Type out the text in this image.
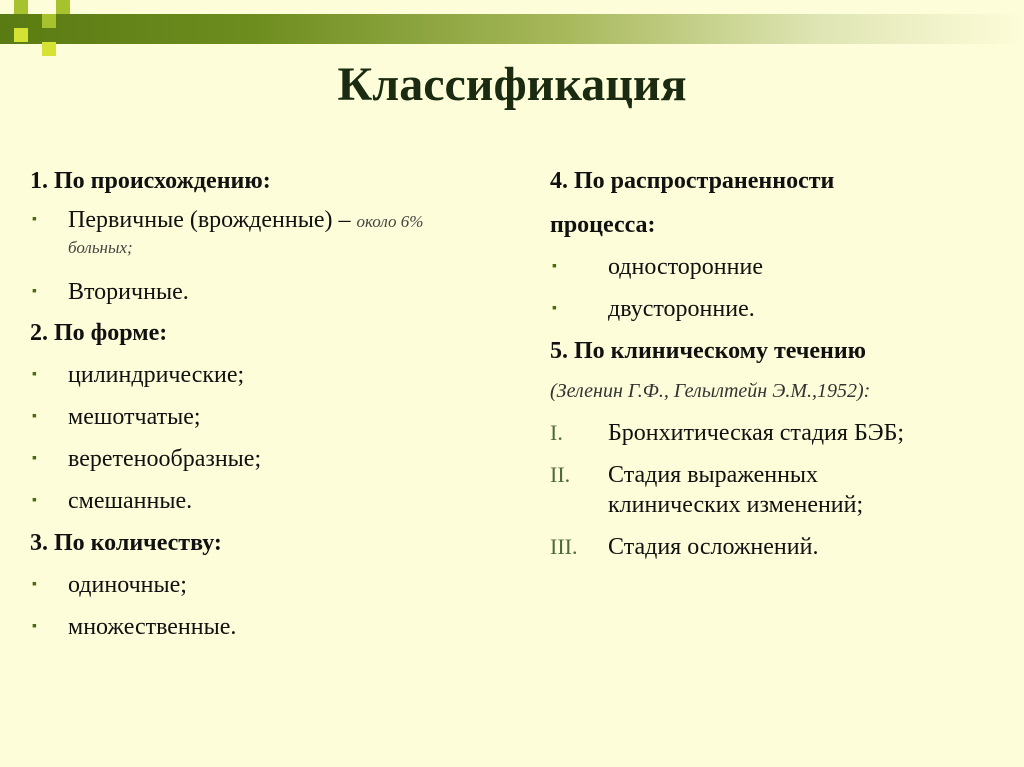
Классификация

1. По происхождению:

▪ Первичные (врожденные) – около 6%
больных;
▪ Вторичные.

2. По форме:

▪ цилиндрические;
▪ мешотчатые;
▪ веретенообразные;
▪ смешанные.

3. По количеству:

▪ одиночные;
▪ множественные.

4. По распространенности

процесса:

▪ односторонние
▪ двусторонние.

5. По клиническому течению

(Зеленин Г.Ф., Гелылтейн Э.М.,1952):

I. Бронхитическая стадия БЭБ;
II. Стадия выраженных
клинических изменений;
III. Стадия осложнений.
